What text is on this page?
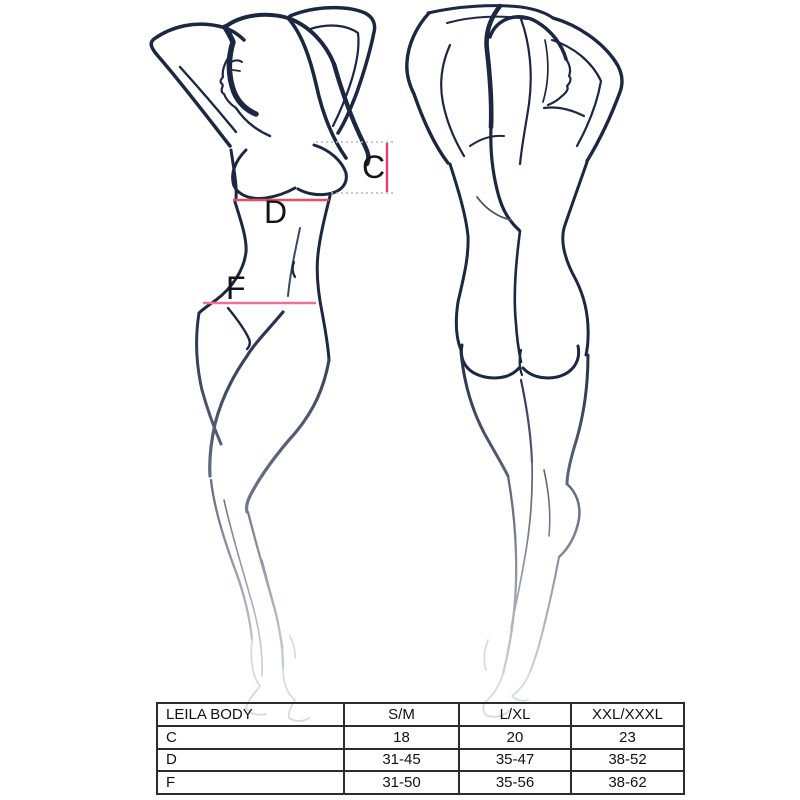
C
D
F
LEILA BODY	S/M	L/XL	XXL/XXXL
C	18	20	23
D	31-45	35-47	38-52
F	31-50	35-56	38-62
